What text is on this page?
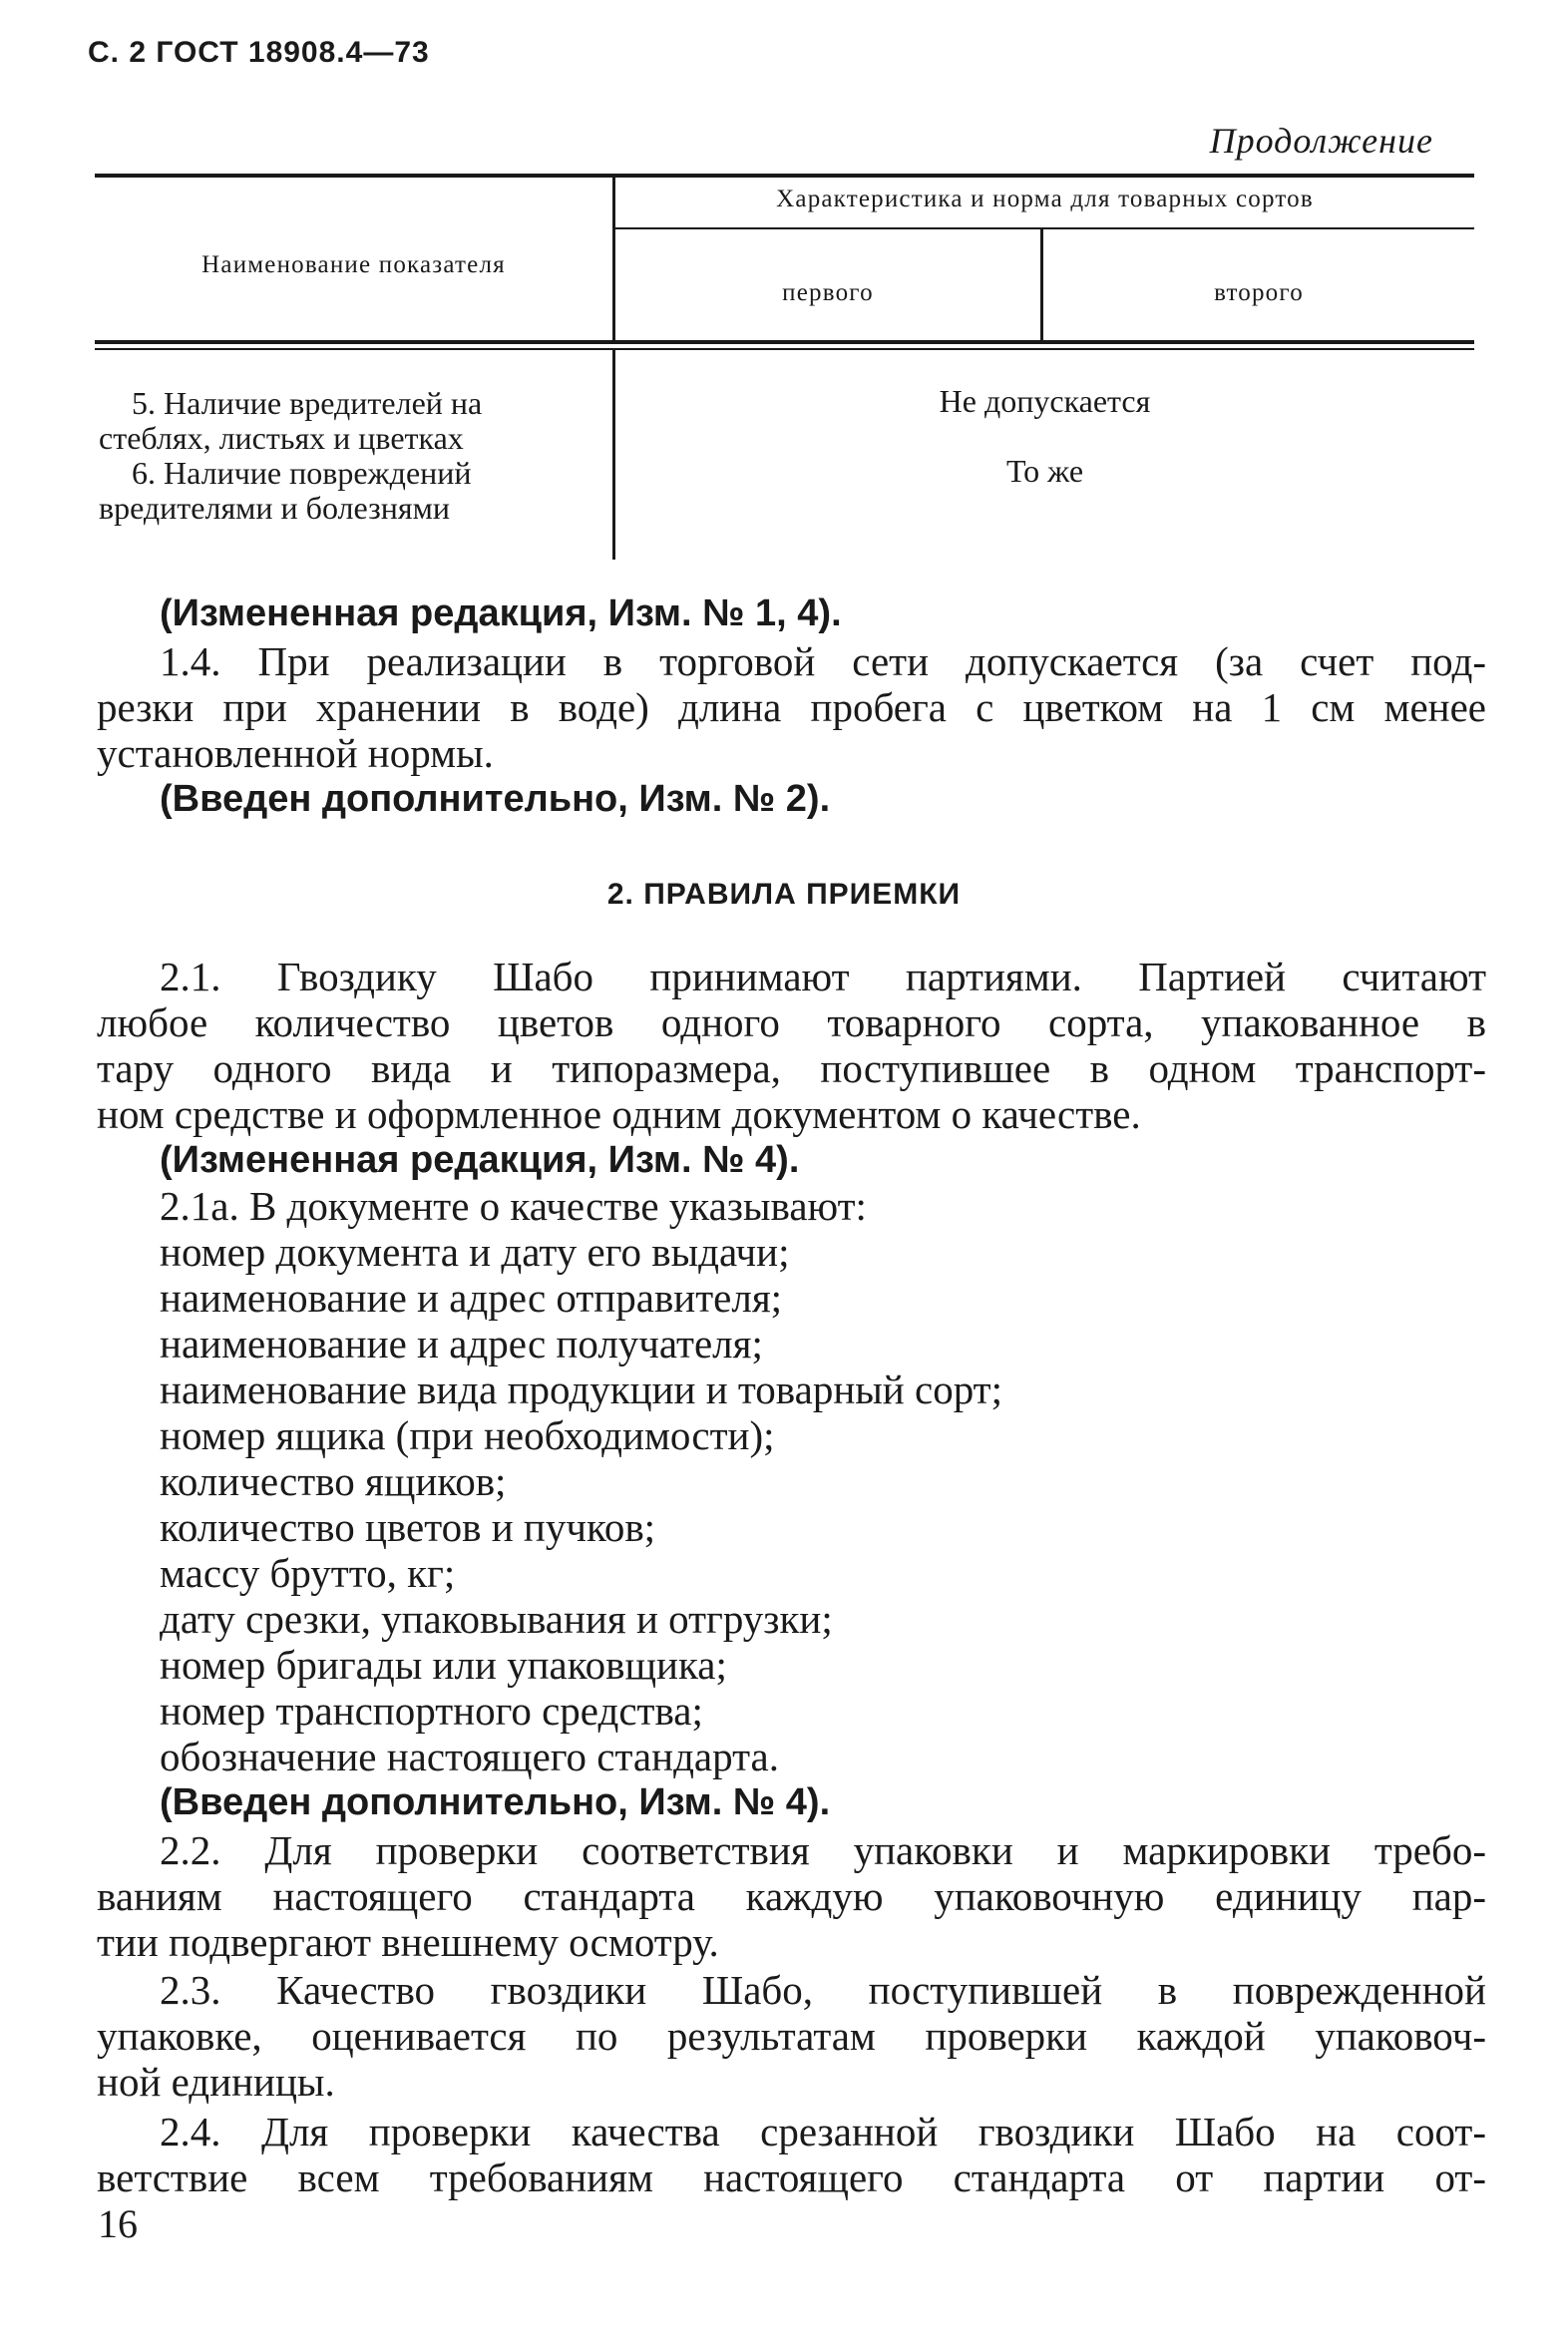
С. 2 ГОСТ 18908.4—73
Продолжение
Наименование показателя
Характеристика и норма для товарных сортов
первого	второго
5. Наличие вредителей на
стеблях, листьях и цветках
Не допускается
6. Наличие повреждений
вредителями и болезнями
То же
(Измененная редакция, Изм. № 1, 4).
1.4. При реализации в торговой сети допускается (за счет под-
резки при хранении в воде) длина пробега с цветком на 1 см менее
установленной нормы.
(Введен дополнительно, Изм. № 2).
2. ПРАВИЛА ПРИЕМКИ
2.1. Гвоздику Шабо принимают партиями. Партией считают
любое количество цветов одного товарного сорта, упакованное в
тару одного вида и типоразмера, поступившее в одном транспорт-
ном средстве и оформленное одним документом о качестве.
(Измененная редакция, Изм. № 4).
2.1а. В документе о качестве указывают:
номер документа и дату его выдачи;
наименование и адрес отправителя;
наименование и адрес получателя;
наименование вида продукции и товарный сорт;
номер ящика (при необходимости);
количество ящиков;
количество цветов и пучков;
массу брутто, кг;
дату срезки, упаковывания и отгрузки;
номер бригады или упаковщика;
номер транспортного средства;
обозначение настоящего стандарта.
(Введен дополнительно, Изм. № 4).
2.2. Для проверки соответствия упаковки и маркировки требо-
ваниям настоящего стандарта каждую упаковочную единицу пар-
тии подвергают внешнему осмотру.
2.3. Качество гвоздики Шабо, поступившей в поврежденной
упаковке, оценивается по результатам проверки каждой упаковоч-
ной единицы.
2.4. Для проверки качества срезанной гвоздики Шабо на соот-
ветствие всем требованиям настоящего стандарта от партии от-
16
